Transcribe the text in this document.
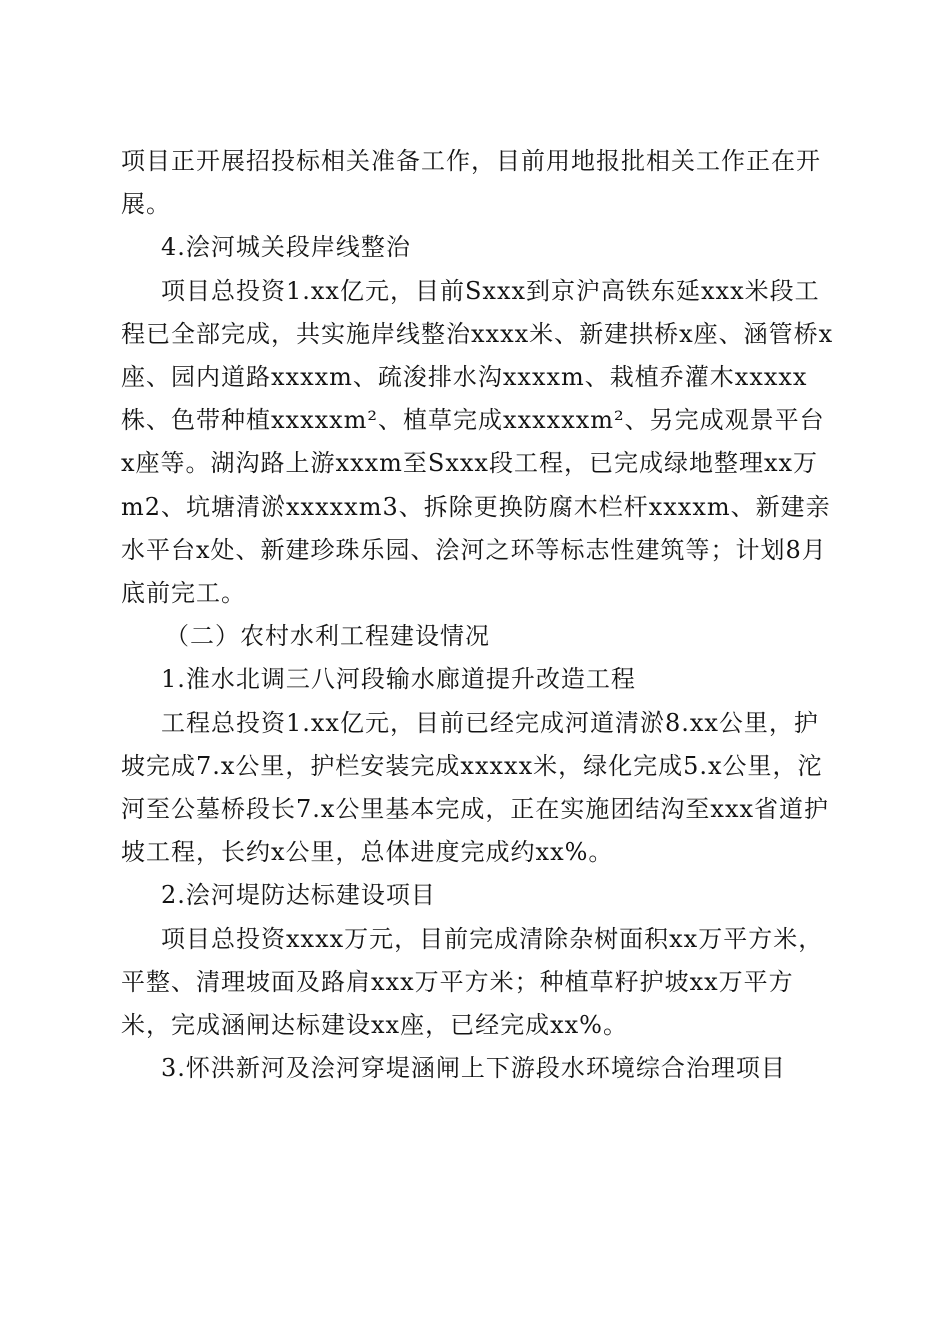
项目正开展招投标相关准备工作，目前用地报批相关工作正在开展。

4.浍河城关段岸线整治

项目总投资1.xx亿元，目前Sxxx到京沪高铁东延xxx米段工程已全部完成，共实施岸线整治xxxx米、新建拱桥x座、涵管桥x座、园内道路xxxxm、疏浚排水沟xxxxm、栽植乔灌木xxxxx株、色带种植xxxxxm²、植草完成xxxxxxm²、另完成观景平台x座等。湖沟路上游xxxm至Sxxx段工程，已完成绿地整理xx万m2、坑塘清淤xxxxxm3、拆除更换防腐木栏杆xxxxm、新建亲水平台x处、新建珍珠乐园、浍河之环等标志性建筑等；计划8月底前完工。

（二）农村水利工程建设情况

1.淮水北调三八河段输水廊道提升改造工程

工程总投资1.xx亿元，目前已经完成河道清淤8.xx公里，护坡完成7.x公里，护栏安装完成xxxxx米，绿化完成5.x公里，沱河至公墓桥段长7.x公里基本完成，正在实施团结沟至xxx省道护坡工程，长约x公里，总体进度完成约xx%。

2.浍河堤防达标建设项目

项目总投资xxxx万元，目前完成清除杂树面积xx万平方米，平整、清理坡面及路肩xxx万平方米；种植草籽护坡xx万平方米，完成涵闸达标建设xx座，已经完成xx%。

3.怀洪新河及浍河穿堤涵闸上下游段水环境综合治理项目
